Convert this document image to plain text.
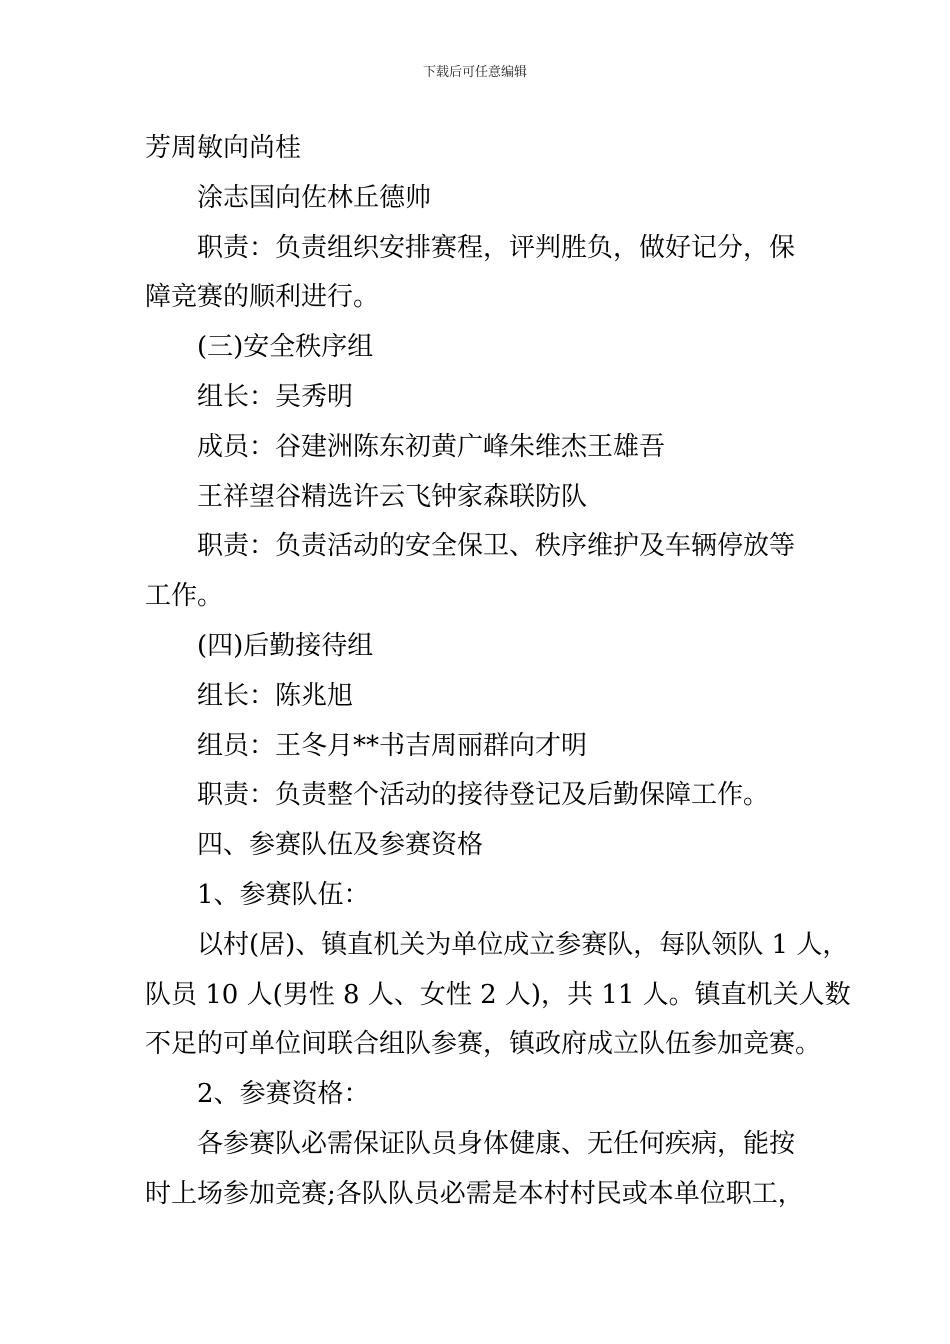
下载后可任意编辑
芳周敏向尚桂
涂志国向佐林丘德帅
职责：负责组织安排赛程，评判胜负，做好记分，保
障竞赛的顺利进行。
(三)安全秩序组
组长：吴秀明
成员：谷建洲陈东初黄广峰朱维杰王雄吾
王祥望谷精选许云飞钟家森联防队
职责：负责活动的安全保卫、秩序维护及车辆停放等
工作。
(四)后勤接待组
组长：陈兆旭
组员：王冬月**书吉周丽群向才明
职责：负责整个活动的接待登记及后勤保障工作。
四、参赛队伍及参赛资格
1、参赛队伍：
以村(居)、镇直机关为单位成立参赛队，每队领队 1 人，
队员 10 人(男性 8 人、女性 2 人)，共 11 人。镇直机关人数
不足的可单位间联合组队参赛，镇政府成立队伍参加竞赛。
2、参赛资格：
各参赛队必需保证队员身体健康、无任何疾病，能按
时上场参加竞赛;各队队员必需是本村村民或本单位职工，
